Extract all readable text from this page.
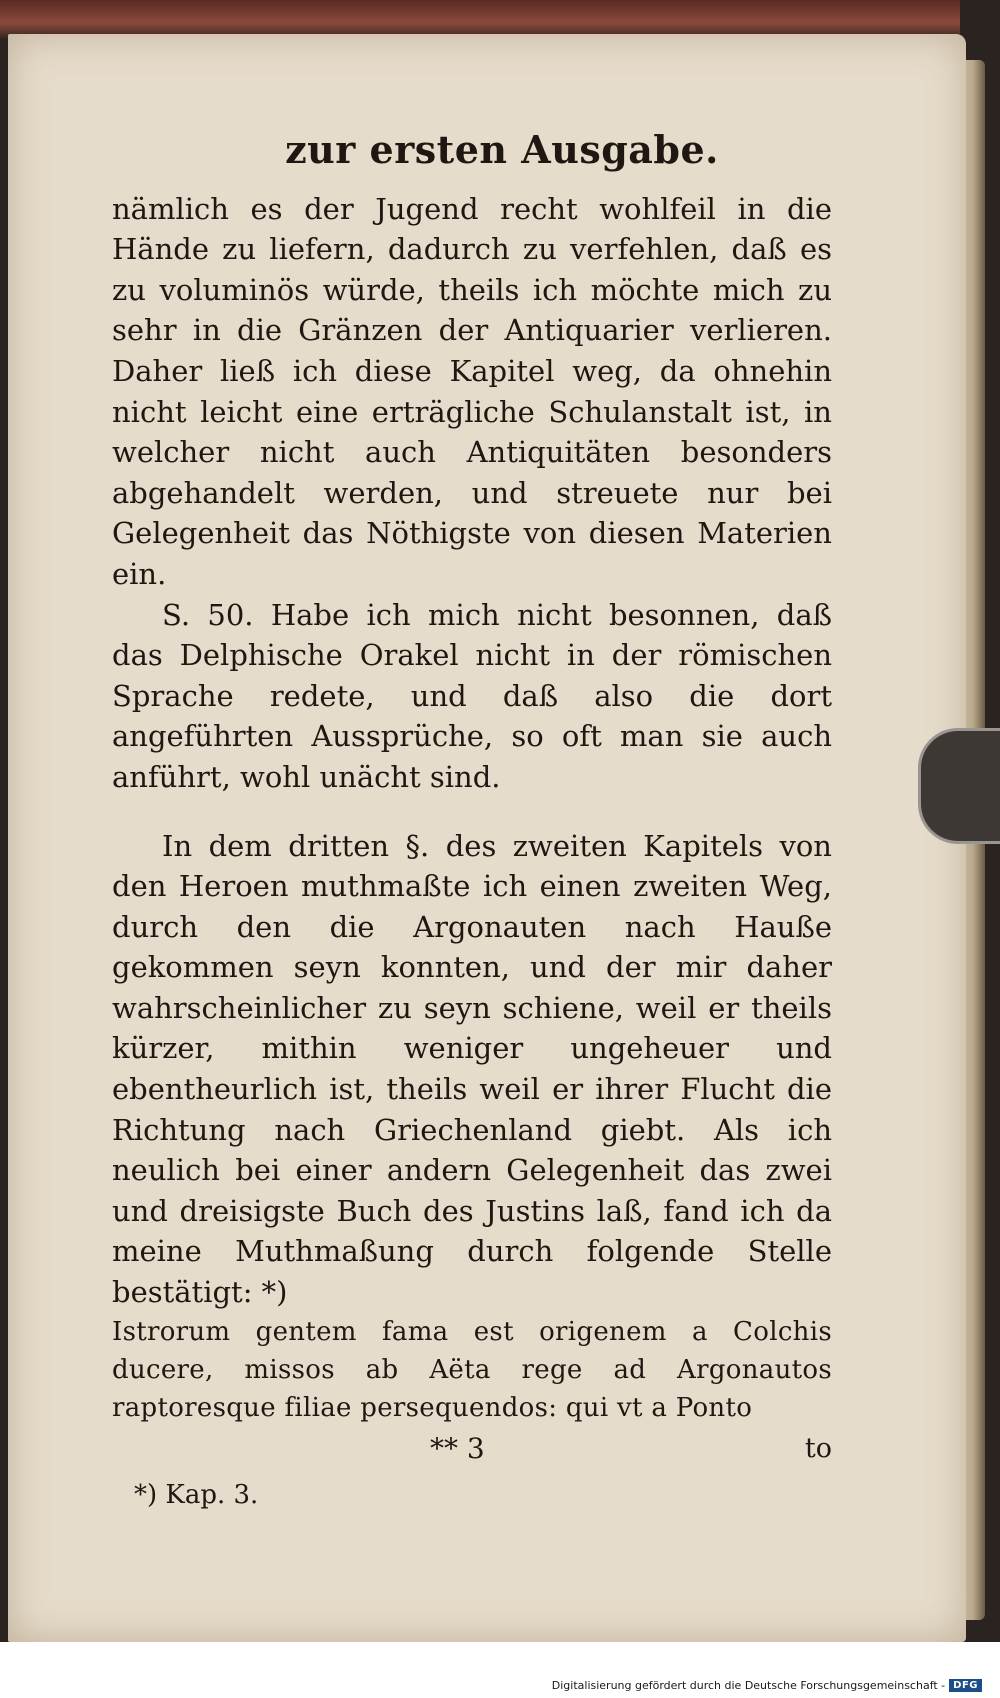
zur ersten Ausgabe.

nämlich es der Jugend recht wohlfeil in die Hände zu liefern, dadurch zu verfehlen, daß es zu voluminös würde, theils ich möchte mich zu sehr in die Gränzen der Antiquarier verlieren. Daher ließ ich diese Kapitel weg, da ohnehin nicht leicht eine erträgliche Schulanstalt ist, in welcher nicht auch Antiquitäten besonders abgehandelt werden, und streuete nur bei Gelegenheit das Nöthigste von diesen Materien ein.

S. 50. Habe ich mich nicht besonnen, daß das Delphische Orakel nicht in der römischen Sprache redete, und daß also die dort angeführten Aussprüche, so oft man sie auch anführt, wohl unächt sind.

In dem dritten §. des zweiten Kapitels von den Heroen muthmaßte ich einen zweiten Weg, durch den die Argonauten nach Hauße gekommen seyn konnten, und der mir daher wahrscheinlicher zu seyn schiene, weil er theils kürzer, mithin weniger ungeheuer und ebentheurlich ist, theils weil er ihrer Flucht die Richtung nach Griechenland giebt. Als ich neulich bei einer andern Gelegenheit das zwei und dreisigste Buch des Justins laß, fand ich da meine Muthmaßung durch folgende Stelle bestätigt: *)

Istrorum gentem fama est origenem a Colchis ducere, missos ab Aëta rege ad Argonautos raptoresque filiae persequendos: qui vt a Ponto

** 3	to
*) Kap. 3.
Digitalisierung gefördert durch die Deutsche Forschungsgemeinschaft - DFG
